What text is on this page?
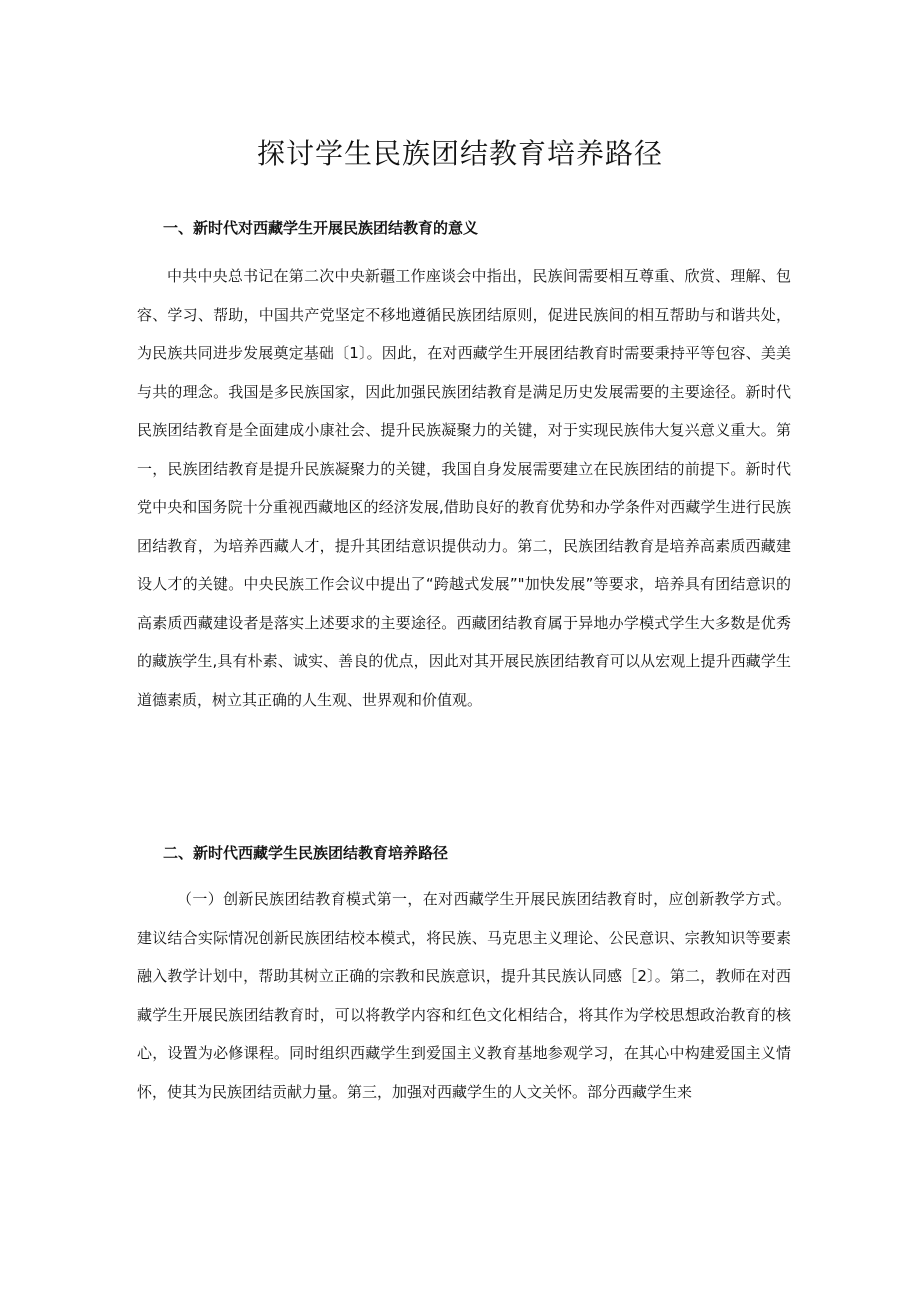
探讨学生民族团结教育培养路径
一、新时代对西藏学生开展民族团结教育的意义

中共中央总书记在第二次中央新疆工作座谈会中指出，民族间需要相互尊重、欣赏、理解、包容、学习、帮助，中国共产党坚定不移地遵循民族团结原则，促进民族间的相互帮助与和谐共处，为民族共同进步发展奠定基础〔1〕。因此，在对西藏学生开展团结教育时需要秉持平等包容、美美与共的理念。我国是多民族国家，因此加强民族团结教育是满足历史发展需要的主要途径。新时代民族团结教育是全面建成小康社会、提升民族凝聚力的关键，对于实现民族伟大复兴意义重大。第一，民族团结教育是提升民族凝聚力的关键，我国自身发展需要建立在民族团结的前提下。新时代党中央和国务院十分重视西藏地区的经济发展,借助良好的教育优势和办学条件对西藏学生进行民族团结教育，为培养西藏人才，提升其团结意识提供动力。第二，民族团结教育是培养高素质西藏建设人才的关键。中央民族工作会议中提出了“跨越式发展”"加快发展”等要求，培养具有团结意识的高素质西藏建设者是落实上述要求的主要途径。西藏团结教育属于异地办学模式学生大多数是优秀的藏族学生,具有朴素、诚实、善良的优点，因此对其开展民族团结教育可以从宏观上提升西藏学生道德素质，树立其正确的人生观、世界观和价值观。

二、新时代西藏学生民族团结教育培养路径

（一）创新民族团结教育模式第一，在对西藏学生开展民族团结教育时，应创新教学方式。建议结合实际情况创新民族团结校本模式，将民族、马克思主义理论、公民意识、宗教知识等要素融入教学计划中，帮助其树立正确的宗教和民族意识，提升其民族认同感［2〕。第二，教师在对西藏学生开展民族团结教育时，可以将教学内容和红色文化相结合，将其作为学校思想政治教育的核心，设置为必修课程。同时组织西藏学生到爱国主义教育基地参观学习，在其心中构建爱国主义情怀，使其为民族团结贡献力量。第三，加强对西藏学生的人文关怀。部分西藏学生来
